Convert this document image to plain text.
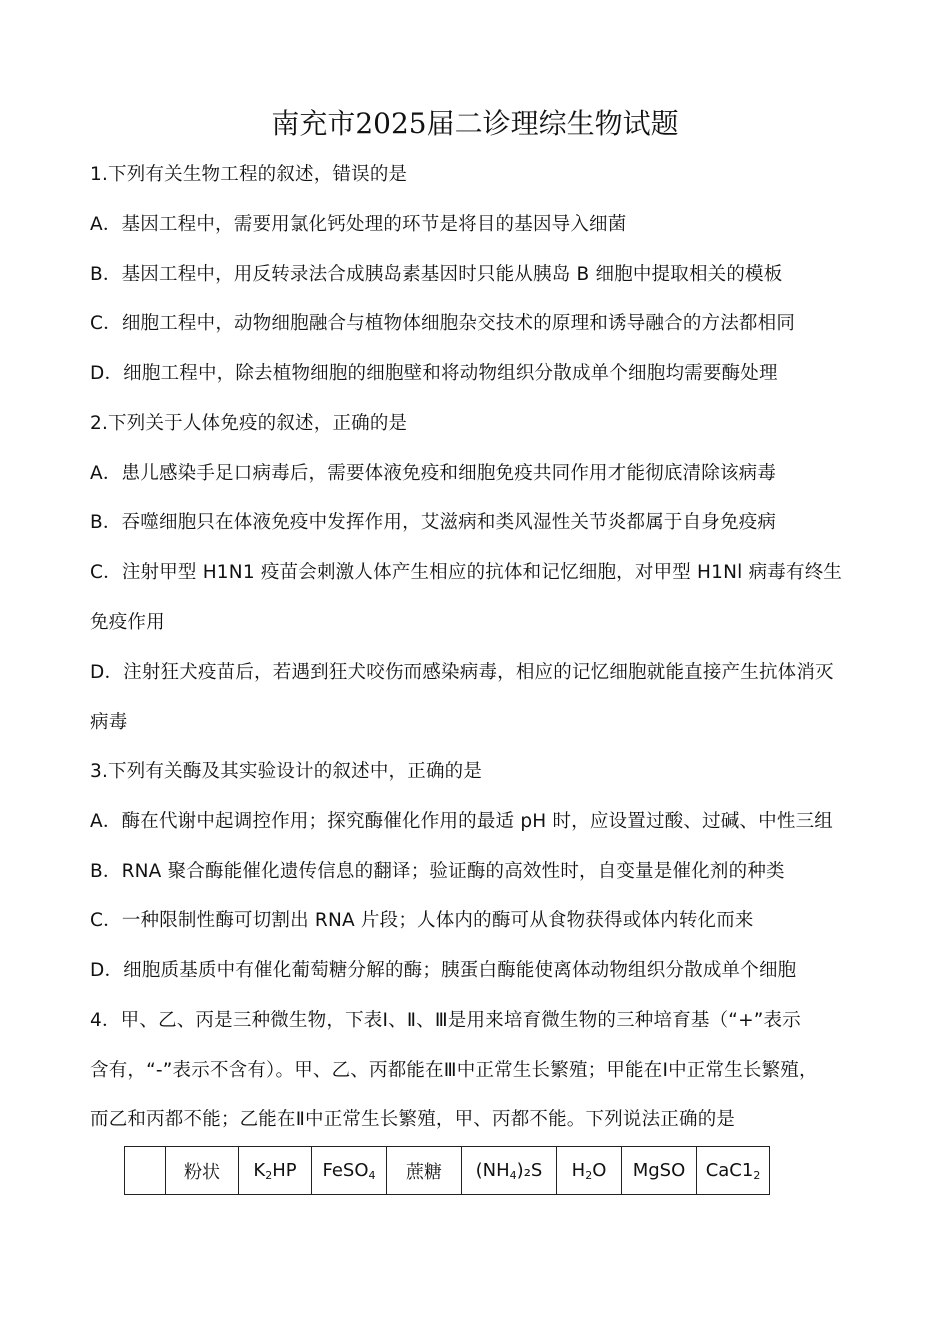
南充市2025届二诊理综生物试题
1.下列有关生物工程的叙述，错误的是
A．基因工程中，需要用氯化钙处理的环节是将目的基因导入细菌
B．基因工程中，用反转录法合成胰岛素基因时只能从胰岛 B 细胞中提取相关的模板
C．细胞工程中，动物细胞融合与植物体细胞杂交技术的原理和诱导融合的方法都相同
D．细胞工程中，除去植物细胞的细胞壁和将动物组织分散成单个细胞均需要酶处理
2.下列关于人体免疫的叙述，正确的是
A．患儿感染手足口病毒后，需要体液免疫和细胞免疫共同作用才能彻底清除该病毒
B．吞噬细胞只在体液免疫中发挥作用，艾滋病和类风湿性关节炎都属于自身免疫病
C．注射甲型 H1N1 疫苗会刺激人体产生相应的抗体和记忆细胞，对甲型 H1Nl 病毒有终生
免疫作用
D．注射狂犬疫苗后，若遇到狂犬咬伤而感染病毒，相应的记忆细胞就能直接产生抗体消灭
病毒
3.下列有关酶及其实验设计的叙述中，正确的是
A．酶在代谢中起调控作用；探究酶催化作用的最适 pH 时，应设置过酸、过碱、中性三组
B．RNA 聚合酶能催化遗传信息的翻译；验证酶的高效性时，自变量是催化剂的种类
C．一种限制性酶可切割出 RNA 片段；人体内的酶可从食物获得或体内转化而来
D．细胞质基质中有催化葡萄糖分解的酶；胰蛋白酶能使离体动物组织分散成单个细胞
4．甲、乙、丙是三种微生物，下表Ⅰ、Ⅱ、Ⅲ是用来培育微生物的三种培育基（“+”表示
含有，“-”表示不含有）。甲、乙、丙都能在Ⅲ中正常生长繁殖；甲能在Ⅰ中正常生长繁殖，
而乙和丙都不能；乙能在Ⅱ中正常生长繁殖，甲、丙都不能。下列说法正确的是
	粉状	$K_2HP$	FeSO$_4$	蔗糖	$(NH_4)_2S$	$H_2O$	MgSO	$CaC1_2$
